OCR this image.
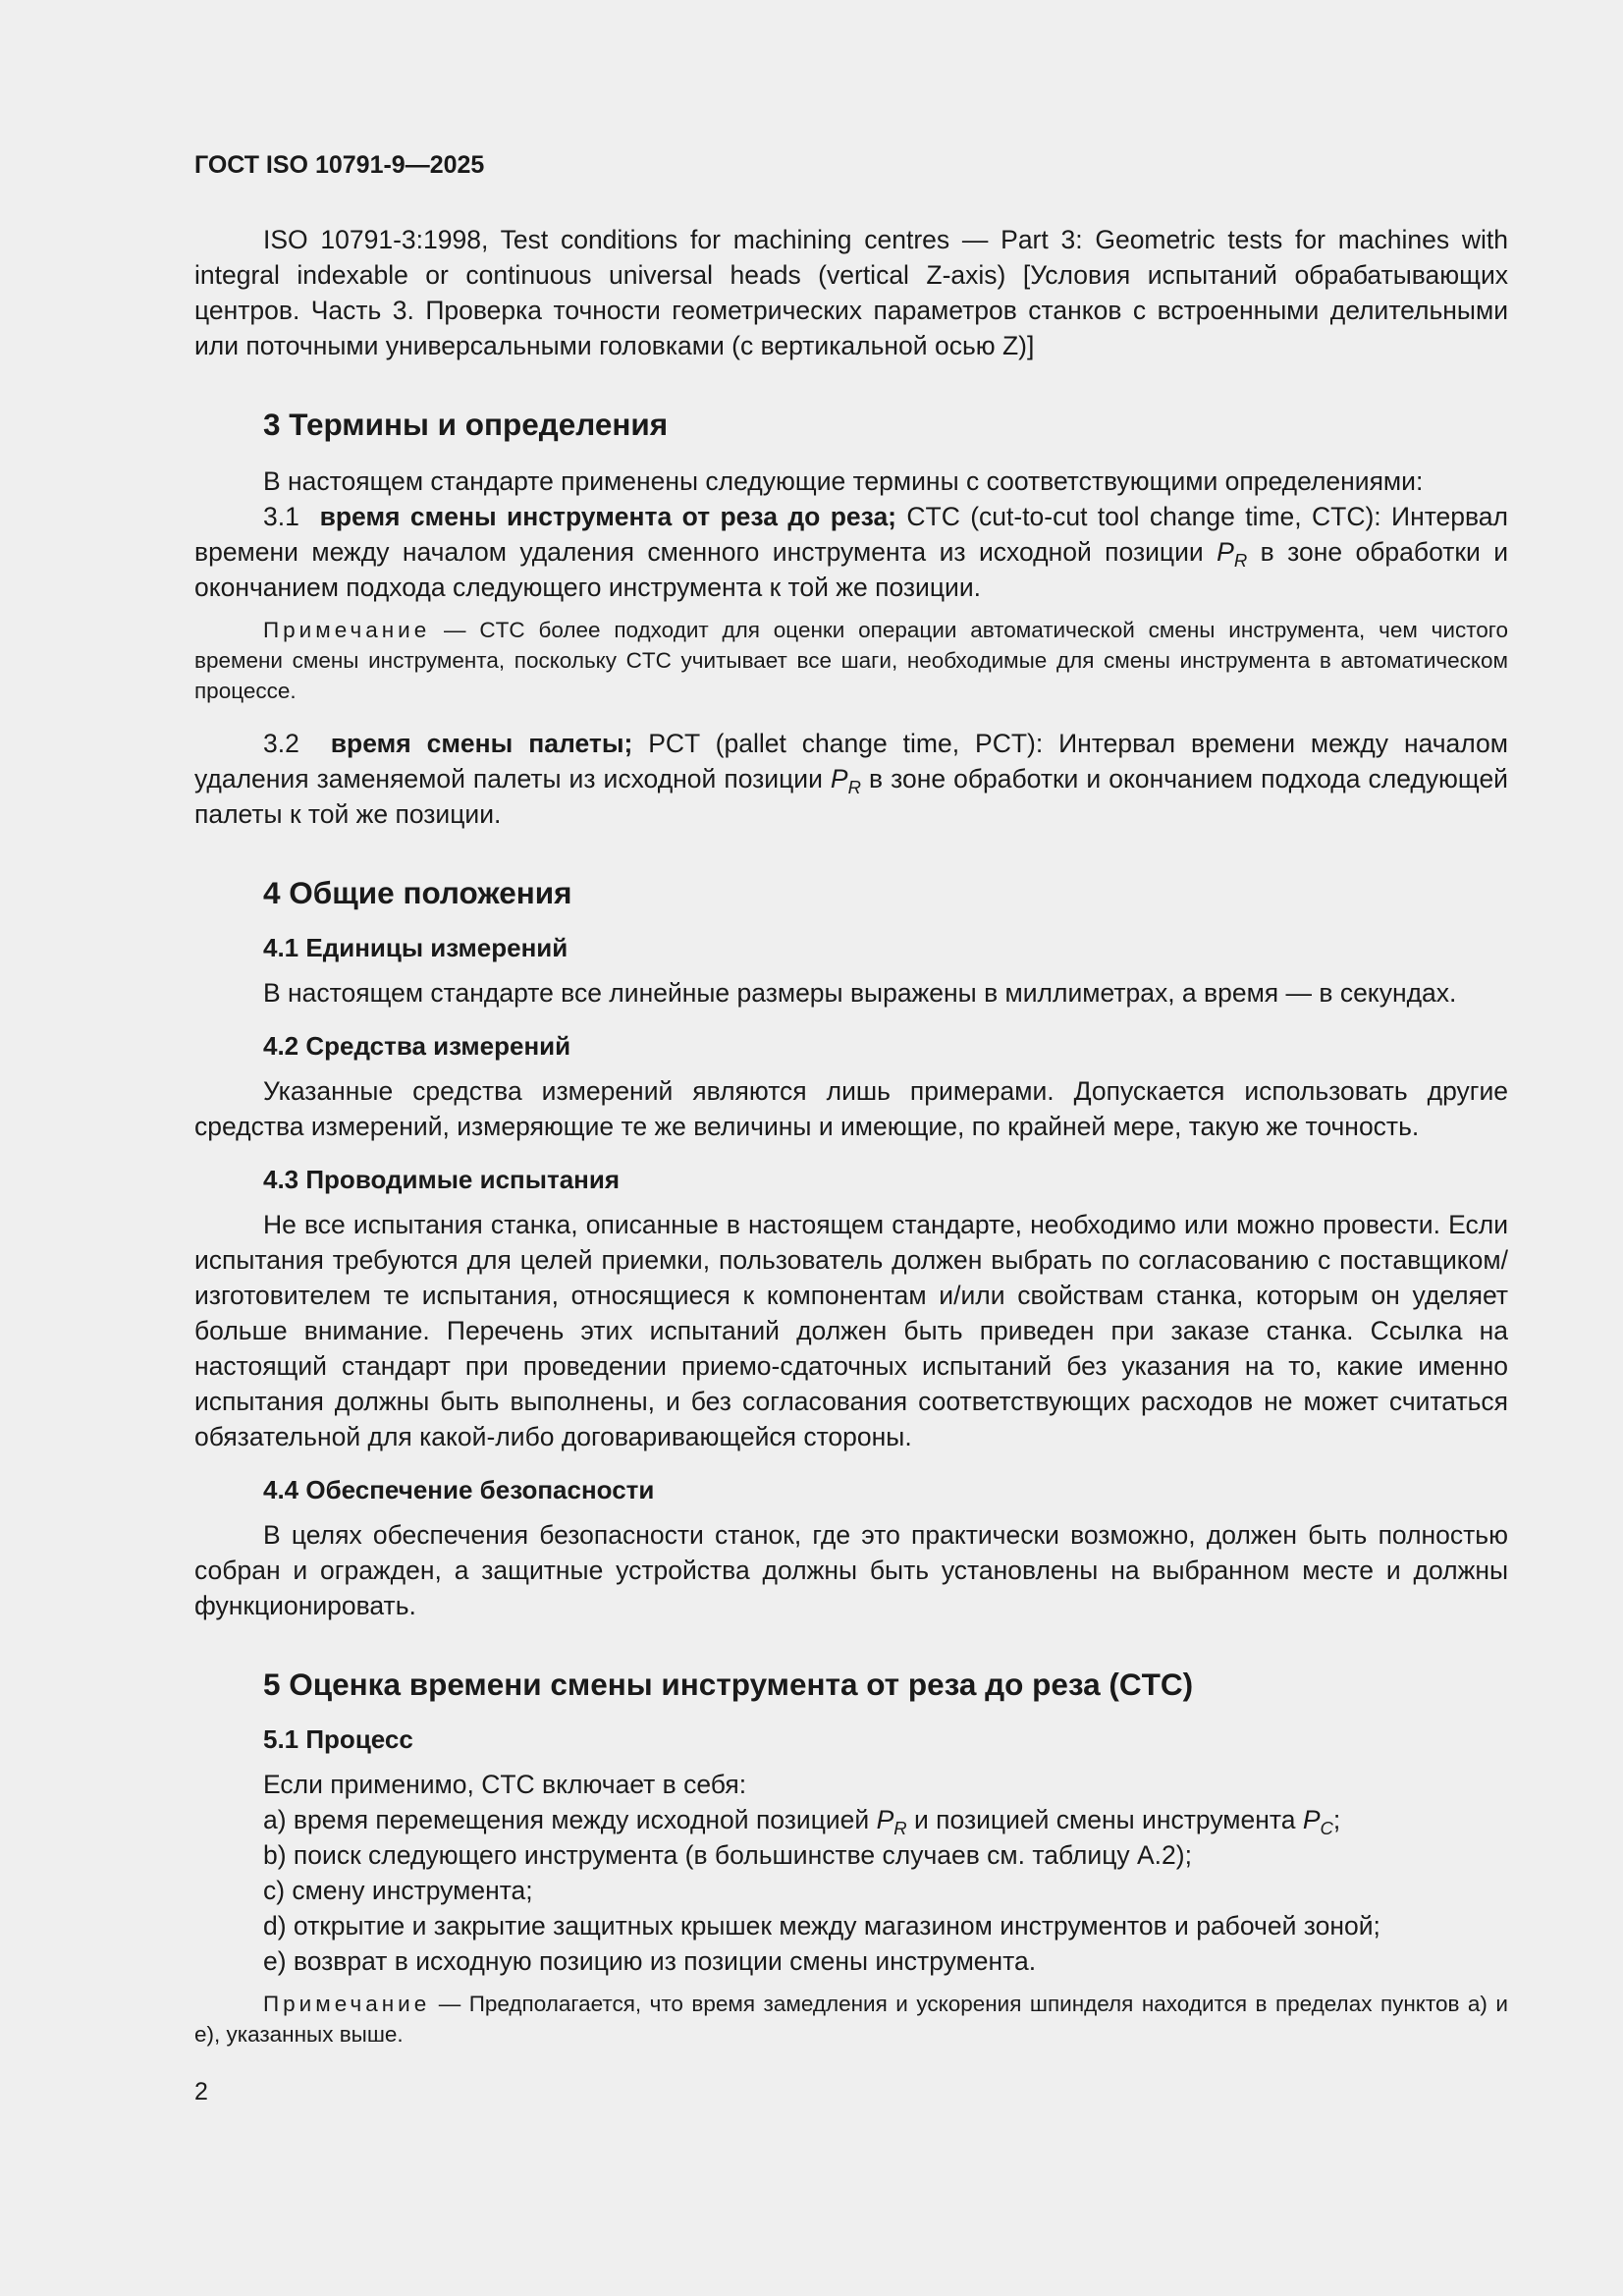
ГОСТ ISO 10791-9—2025

ISO 10791-3:1998, Test conditions for machining centres — Part 3: Geometric tests for machines with integral indexable or continuous universal heads (vertical Z-axis) [Условия испытаний обрабатывающих центров. Часть 3. Проверка точности геометрических параметров станков с встроенными делительными или поточными универсальными головками (с вертикальной осью Z)]

3 Термины и определения

В настоящем стандарте применены следующие термины с соответствующими определениями:

3.1 время смены инструмента от реза до реза; CTC (cut-to-cut tool change time, CTC): Интервал времени между началом удаления сменного инструмента из исходной позиции $P_R$ в зоне обработки и окончанием подхода следующего инструмента к той же позиции.

Примечание — CTC более подходит для оценки операции автоматической смены инструмента, чем чистого времени смены инструмента, поскольку CTC учитывает все шаги, необходимые для смены инструмента в автоматическом процессе.

3.2 время смены палеты; PCT (pallet change time, PCT): Интервал времени между началом удаления заменяемой палеты из исходной позиции $P_R$ в зоне обработки и окончанием подхода следующей палеты к той же позиции.

4 Общие положения
4.1 Единицы измерений

В настоящем стандарте все линейные размеры выражены в миллиметрах, а время — в секундах.

4.2 Средства измерений

Указанные средства измерений являются лишь примерами. Допускается использовать другие средства измерений, измеряющие те же величины и имеющие, по крайней мере, такую же точность.

4.3 Проводимые испытания

Не все испытания станка, описанные в настоящем стандарте, необходимо или можно провести. Если испытания требуются для целей приемки, пользователь должен выбрать по согласованию с поставщиком/изготовителем те испытания, относящиеся к компонентам и/или свойствам станка, которым он уделяет больше внимание. Перечень этих испытаний должен быть приведен при заказе станка. Ссылка на настоящий стандарт при проведении приемо-сдаточных испытаний без указания на то, какие именно испытания должны быть выполнены, и без согласования соответствующих расходов не может считаться обязательной для какой-либо договаривающейся стороны.

4.4 Обеспечение безопасности

В целях обеспечения безопасности станок, где это практически возможно, должен быть полностью собран и огражден, а защитные устройства должны быть установлены на выбранном месте и должны функционировать.

5 Оценка времени смены инструмента от реза до реза (CTC)
5.1 Процесс

Если применимо, CTC включает в себя:

a) время перемещения между исходной позицией $P_R$ и позицией смены инструмента $P_C$;
b) поиск следующего инструмента (в большинстве случаев см. таблицу А.2);
c) смену инструмента;
d) открытие и закрытие защитных крышек между магазином инструментов и рабочей зоной;
e) возврат в исходную позицию из позиции смены инструмента.

Примечание — Предполагается, что время замедления и ускорения шпинделя находится в пределах пунктов a) и e), указанных выше.

2
